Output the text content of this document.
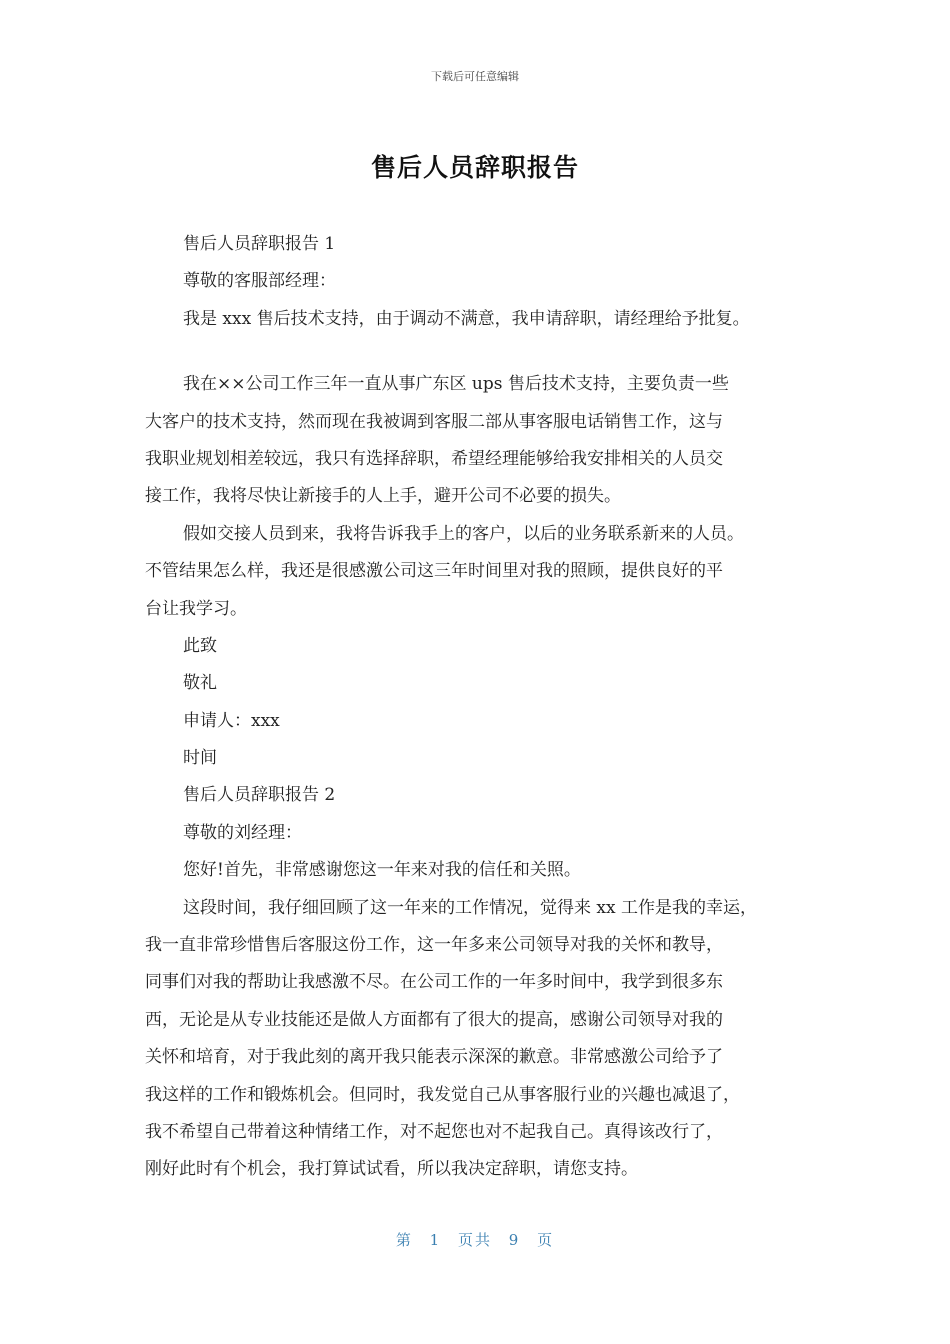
下载后可任意编辑
售后人员辞职报告
售后人员辞职报告 1
尊敬的客服部经理：
我是 xxx 售后技术支持，由于调动不满意，我申请辞职，请经理给予批复。
我在××公司工作三年一直从事广东区 ups 售后技术支持，主要负责一些
大客户的技术支持，然而现在我被调到客服二部从事客服电话销售工作，这与
我职业规划相差较远，我只有选择辞职，希望经理能够给我安排相关的人员交
接工作，我将尽快让新接手的人上手，避开公司不必要的损失。
假如交接人员到来，我将告诉我手上的客户，以后的业务联系新来的人员。
不管结果怎么样，我还是很感激公司这三年时间里对我的照顾，提供良好的平
台让我学习。
此致
敬礼
申请人：xxx
时间
售后人员辞职报告 2
尊敬的刘经理：
您好!首先，非常感谢您这一年来对我的信任和关照。
这段时间，我仔细回顾了这一年来的工作情况，觉得来 xx 工作是我的幸运，
我一直非常珍惜售后客服这份工作，这一年多来公司领导对我的关怀和教导，
同事们对我的帮助让我感激不尽。在公司工作的一年多时间中，我学到很多东
西，无论是从专业技能还是做人方面都有了很大的提高，感谢公司领导对我的
关怀和培育，对于我此刻的离开我只能表示深深的歉意。非常感激公司给予了
我这样的工作和锻炼机会。但同时，我发觉自己从事客服行业的兴趣也减退了，
我不希望自己带着这种情绪工作，对不起您也对不起我自己。真得该改行了，
刚好此时有个机会，我打算试试看，所以我决定辞职，请您支持。
第 1 页共 9 页
